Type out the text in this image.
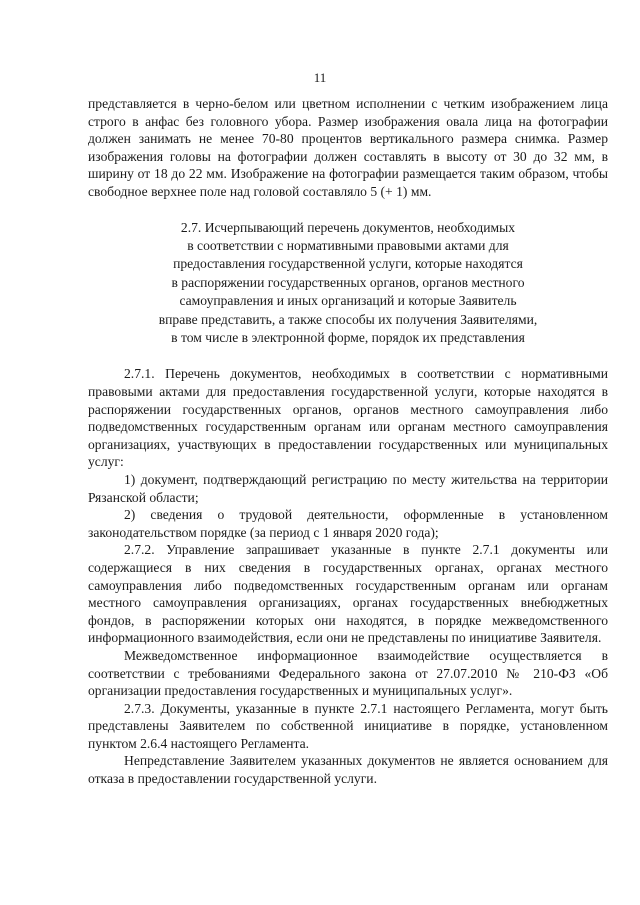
11

представляется в черно-белом или цветном исполнении с четким изображением лица строго в анфас без головного убора. Размер изображения овала лица на фотографии должен занимать не менее 70-80 процентов вертикального размера снимка. Размер изображения головы на фотографии должен составлять в высоту от 30 до 32 мм, в ширину от 18 до 22 мм. Изображение на фотографии размещается таким образом, чтобы свободное верхнее поле над головой составляло 5 (+ 1) мм.

2.7. Исчерпывающий перечень документов, необходимых
в соответствии с нормативными правовыми актами для
предоставления государственной услуги, которые находятся
в распоряжении государственных органов, органов местного
самоуправления и иных организаций и которые Заявитель
вправе представить, а также способы их получения Заявителями,
в том числе в электронной форме, порядок их представления

2.7.1. Перечень документов, необходимых в соответствии с нормативными правовыми актами для предоставления государственной услуги, которые находятся в распоряжении государственных органов, органов местного самоуправления либо подведомственных государственным органам или органам местного самоуправления организациях, участвующих в предоставлении государственных или муниципальных услуг:

1) документ, подтверждающий регистрацию по месту жительства на территории Рязанской области;

2) сведения о трудовой деятельности, оформленные в установленном законодательством порядке (за период с 1 января 2020 года);

2.7.2. Управление запрашивает указанные в пункте 2.7.1 документы или содержащиеся в них сведения в государственных органах, органах местного самоуправления либо подведомственных государственным органам или органам местного самоуправления организациях, органах государственных внебюджетных фондов, в распоряжении которых они находятся, в порядке межведомственного информационного взаимодействия, если они не представлены по инициативе Заявителя.

Межведомственное информационное взаимодействие осуществляется в соответствии с требованиями Федерального закона от 27.07.2010 № 210-ФЗ «Об организации предоставления государственных и муниципальных услуг».

2.7.3. Документы, указанные в пункте 2.7.1 настоящего Регламента, могут быть представлены Заявителем по собственной инициативе в порядке, установленном пунктом 2.6.4 настоящего Регламента.

Непредставление Заявителем указанных документов не является основанием для отказа в предоставлении государственной услуги.
